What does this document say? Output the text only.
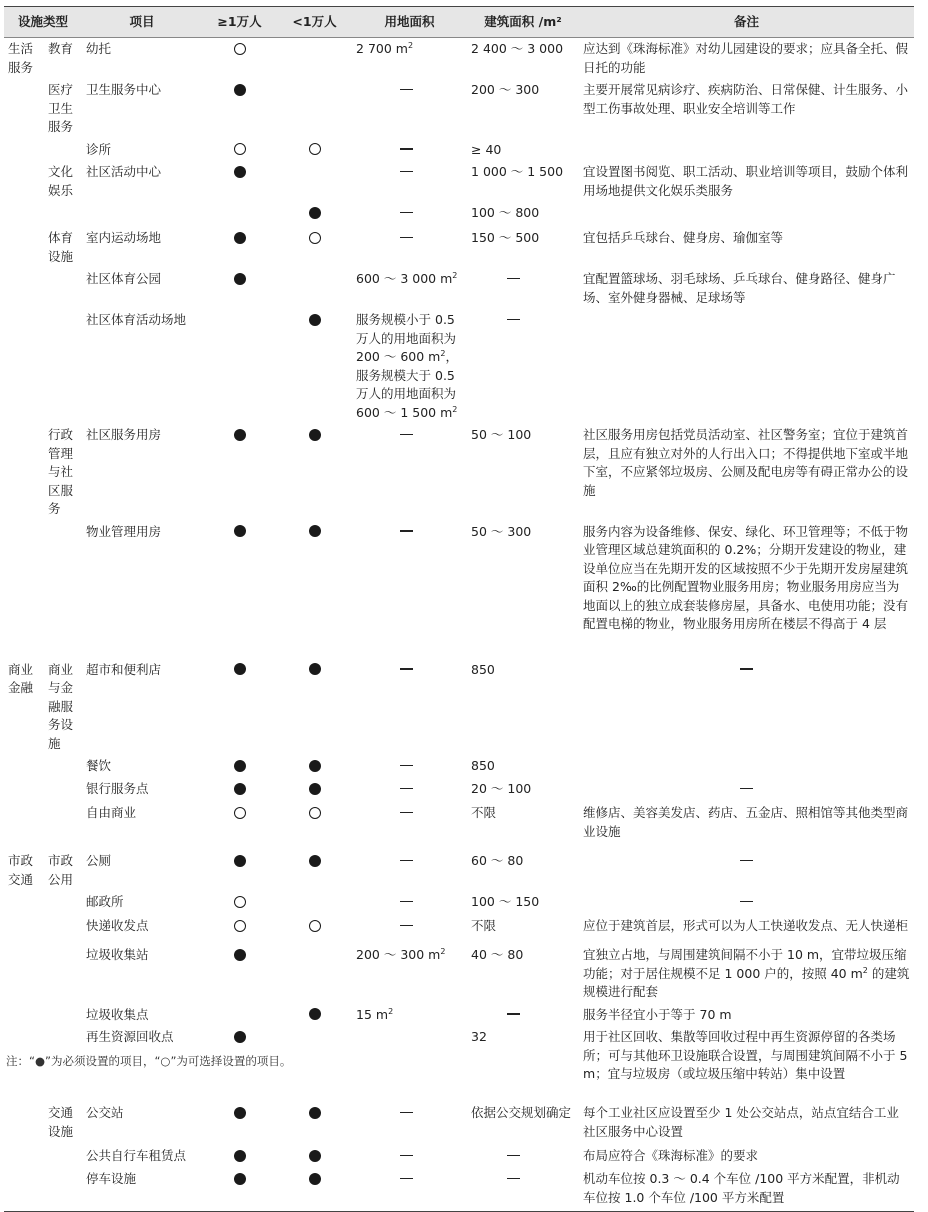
设施类型		项目	≥1万人	<1万人	用地面积	建筑面积 /m²	备注
生活服务	教育	幼托			2 700 $m^2$	2 400 ～ 3 000	应达到《珠海标准》对幼儿园建设的要求；应具备全托、假日托的功能
	医疗卫生服务	卫生服务中心				200 ～ 300	主要开展常见病诊疗、疾病防治、日常保健、计生服务、小型工伤事故处理、职业安全培训等工作
		诊所				≥ 40	
	文化娱乐	社区活动中心				1 000 ～ 1 500	宜设置图书阅览、职工活动、职业培训等项目，鼓励个体利用场地提供文化娱乐类服务
						100 ～ 800	
	体育设施	室内运动场地				150 ～ 500	宜包括乒乓球台、健身房、瑜伽室等
		社区体育公园			600 ～ 3 000 $m^2$		宜配置篮球场、羽毛球场、乒乓球台、健身路径、健身广场、室外健身器械、足球场等
		社区体育活动场地			服务规模小于 0.5 万人的用地面积为 200 ～ 600 $m^2$，服务规模大于 0.5 万人的用地面积为 600 ～ 1 500 $m^2$		
	行政管理与社区服务	社区服务用房				50 ～ 100	社区服务用房包括党员活动室、社区警务室；宜位于建筑首层，且应有独立对外的人行出入口；不得提供地下室或半地下室，不应紧邻垃圾房、公厕及配电房等有碍正常办公的设施
		物业管理用房				50 ～ 300	服务内容为设备维修、保安、绿化、环卫管理等；不低于物业管理区域总建筑面积的 0.2%；分期开发建设的物业，建设单位应当在先期开发的区域按照不少于先期开发房屋建筑面积 2‰的比例配置物业服务用房；物业服务用房应当为地面以上的独立成套装修房屋，具备水、电使用功能；没有配置电梯的物业，物业服务用房所在楼层不得高于 4 层
商业金融	商业与金融服务设施	超市和便利店				850	
		餐饮				850	
		银行服务点				20 ～ 100	
		自由商业				不限	维修店、美容美发店、药店、五金店、照相馆等其他类型商业设施
市政交通	市政公用	公厕				60 ～ 80	
		邮政所				100 ～ 150	
		快递收发点				不限	应位于建筑首层，形式可以为人工快递收发点、无人快递柜
		垃圾收集站			200 ～ 300 $m^2$	40 ～ 80	宜独立占地，与周围建筑间隔不小于 10 m，宜带垃圾压缩功能；对于居住规模不足 1 000 户的，按照 40 $m^2$ 的建筑规模进行配套
		垃圾收集点			15 $m^2$		服务半径宜小于等于 70 m
		再生资源回收点				32	用于社区回收、集散等回收过程中再生资源停留的各类场所；可与其他环卫设施联合设置，与周围建筑间隔不小于 5 m；宜与垃圾房（或垃圾压缩中转站）集中设置
	交通设施	公交站				依据公交规划确定	每个工业社区应设置至少 1 处公交站点，站点宜结合工业社区服务中心设置
		公共自行车租赁点					布局应符合《珠海标准》的要求
		停车设施					机动车位按 0.3 ～ 0.4 个车位 /100 平方米配置，非机动车位按 1.0 个车位 /100 平方米配置
注：“●”为必须设置的项目，“○”为可选择设置的项目。
